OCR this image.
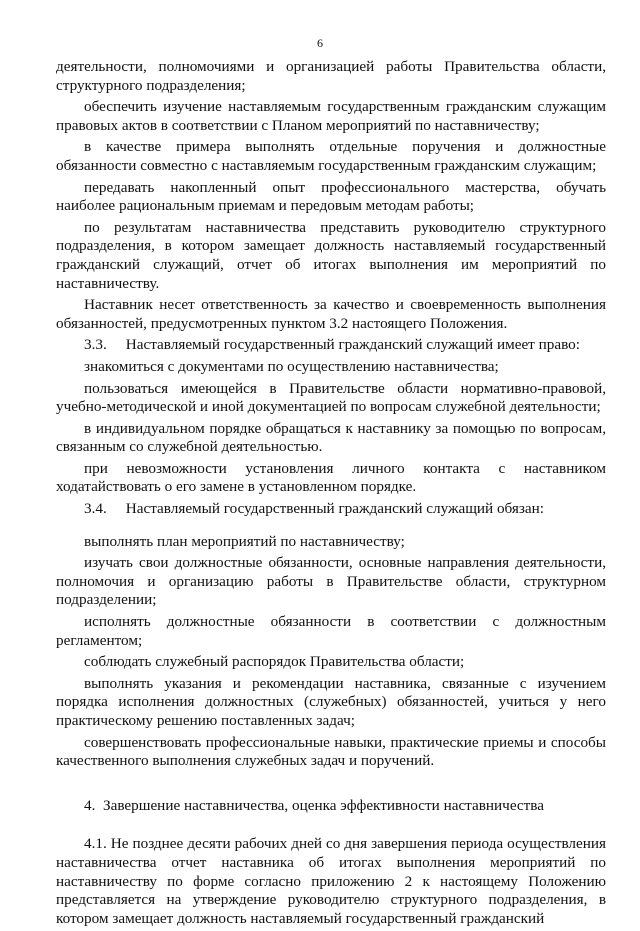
6

деятельности, полномочиями и организацией работы Правительства области, структурного подразделения;

обеспечить изучение наставляемым государственным гражданским служащим правовых актов в соответствии с Планом мероприятий по наставничеству;

в качестве примера выполнять отдельные поручения и должностные обязанности совместно с наставляемым государственным гражданским служащим;

передавать накопленный опыт профессионального мастерства, обучать наиболее рациональным приемам и передовым методам работы;

по результатам наставничества представить руководителю структурного подразделения, в котором замещает должность наставляемый государственный гражданский служащий, отчет об итогах выполнения им мероприятий по наставничеству.

Наставник несет ответственность за качество и своевременность выполнения обязанностей, предусмотренных пунктом 3.2 настоящего Положения.

3.3.     Наставляемый государственный гражданский служащий имеет право:

знакомиться с документами по осуществлению наставничества;

пользоваться имеющейся в Правительстве области нормативно-правовой, учебно-методической и иной документацией по вопросам служебной деятельности;

в индивидуальном порядке обращаться к наставнику за помощью по вопросам, связанным со служебной деятельностью.

при невозможности установления личного контакта с наставником ходатайствовать о его замене в установленном порядке.

3.4.     Наставляемый государственный гражданский служащий обязан:

выполнять план мероприятий по наставничеству;

изучать свои должностные обязанности, основные направления деятельности, полномочия и организацию работы в Правительстве области, структурном подразделении;

исполнять должностные обязанности в соответствии с должностным регламентом;

соблюдать служебный распорядок Правительства области;

выполнять указания и рекомендации наставника, связанные с изучением порядка исполнения должностных (служебных) обязанностей, учиться у него практическому решению поставленных задач;

совершенствовать профессиональные навыки, практические приемы и способы качественного выполнения служебных задач и поручений.

4.  Завершение наставничества, оценка эффективности наставничества

4.1. Не позднее десяти рабочих дней со дня завершения периода осуществления наставничества отчет наставника об итогах выполнения мероприятий по наставничеству по форме согласно приложению 2 к настоящему Положению представляется на утверждение руководителю структурного подразделения, в котором замещает должность наставляемый государственный гражданский
